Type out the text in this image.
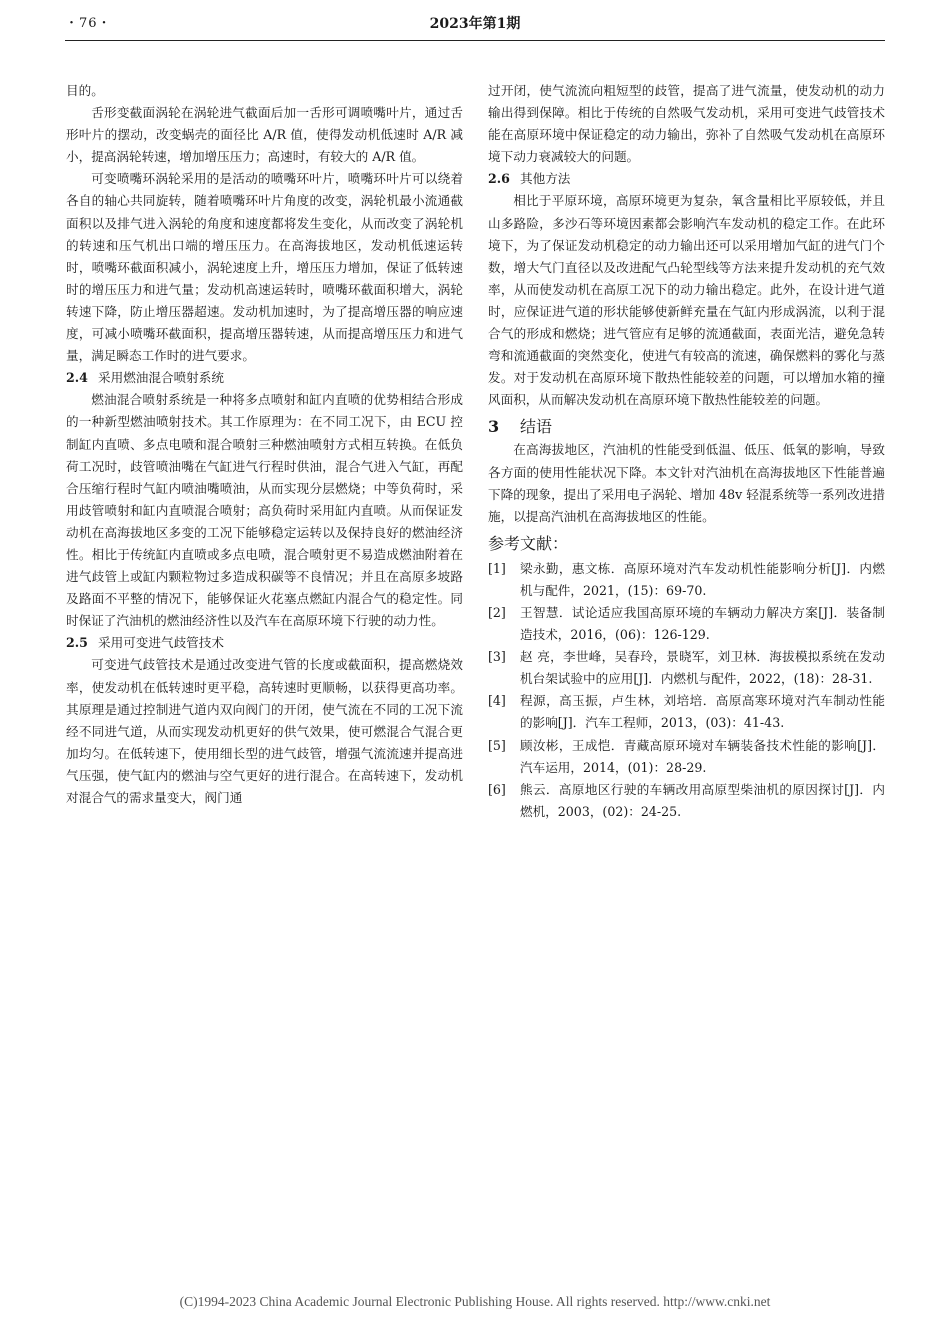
・76・	2023年第1期

目的。

舌形变截面涡轮在涡轮进气截面后加一舌形可调喷嘴叶片，通过舌形叶片的摆动，改变蜗壳的面径比 A/R 值，使得发动机低速时 A/R 减小，提高涡轮转速，增加增压压力；高速时，有较大的 A/R 值。

可变喷嘴环涡轮采用的是活动的喷嘴环叶片，喷嘴环叶片可以绕着各自的轴心共同旋转，随着喷嘴环叶片角度的改变，涡轮机最小流通截面积以及排气进入涡轮的角度和速度都将发生变化，从而改变了涡轮机的转速和压气机出口端的增压压力。在高海拔地区，发动机低速运转时，喷嘴环截面积减小，涡轮速度上升，增压压力增加，保证了低转速时的增压压力和进气量；发动机高速运转时，喷嘴环截面积增大，涡轮转速下降，防止增压器超速。发动机加速时，为了提高增压器的响应速度，可减小喷嘴环截面积，提高增压器转速，从而提高增压压力和进气量，满足瞬态工作时的进气要求。

2.4 采用燃油混合喷射系统

燃油混合喷射系统是一种将多点喷射和缸内直喷的优势相结合形成的一种新型燃油喷射技术。其工作原理为：在不同工况下，由 ECU 控制缸内直喷、多点电喷和混合喷射三种燃油喷射方式相互转换。在低负荷工况时，歧管喷油嘴在气缸进气行程时供油，混合气进入气缸，再配合压缩行程时气缸内喷油嘴喷油，从而实现分层燃烧；中等负荷时，采用歧管喷射和缸内直喷混合喷射；高负荷时采用缸内直喷。从而保证发动机在高海拔地区多变的工况下能够稳定运转以及保持良好的燃油经济性。相比于传统缸内直喷或多点电喷，混合喷射更不易造成燃油附着在进气歧管上或缸内颗粒物过多造成积碳等不良情况；并且在高原多坡路及路面不平整的情况下，能够保证火花塞点燃缸内混合气的稳定性。同时保证了汽油机的燃油经济性以及汽车在高原环境下行驶的动力性。

2.5 采用可变进气歧管技术

可变进气歧管技术是通过改变进气管的长度或截面积，提高燃烧效率，使发动机在低转速时更平稳，高转速时更顺畅，以获得更高功率。其原理是通过控制进气道内双向阀门的开闭，使气流在不同的工况下流经不同进气道，从而实现发动机更好的供气效果，使可燃混合气混合更加均匀。在低转速下，使用细长型的进气歧管，增强气流流速并提高进气压强，使气缸内的燃油与空气更好的进行混合。在高转速下，发动机对混合气的需求量变大，阀门通

过开闭，使气流流向粗短型的歧管，提高了进气流量，使发动机的动力输出得到保障。相比于传统的自然吸气发动机，采用可变进气歧管技术能在高原环境中保证稳定的动力输出，弥补了自然吸气发动机在高原环境下动力衰减较大的问题。

2.6 其他方法

相比于平原环境，高原环境更为复杂，氧含量相比平原较低，并且山多路险，多沙石等环境因素都会影响汽车发动机的稳定工作。在此环境下，为了保证发动机稳定的动力输出还可以采用增加气缸的进气门个数，增大气门直径以及改进配气凸轮型线等方法来提升发动机的充气效率，从而使发动机在高原工况下的动力输出稳定。此外，在设计进气道时，应保证进气道的形状能够使新鲜充量在气缸内形成涡流，以利于混合气的形成和燃烧；进气管应有足够的流通截面，表面光洁，避免急转弯和流通截面的突然变化，使进气有较高的流速，确保燃料的雾化与蒸发。对于发动机在高原环境下散热性能较差的问题，可以增加水箱的撞风面积，从而解决发动机在高原环境下散热性能较差的问题。

3 结语

在高海拔地区，汽油机的性能受到低温、低压、低氧的影响，导致各方面的使用性能状况下降。本文针对汽油机在高海拔地区下性能普遍下降的现象，提出了采用电子涡轮、增加 48v 轻混系统等一系列改进措施，以提高汽油机在高海拔地区的性能。

参考文献：
[1] 梁永勤，惠文栋．高原环境对汽车发动机性能影响分析[J]．内燃机与配件，2021，(15)：69-70.
[2] 王智慧．试论适应我国高原环境的车辆动力解决方案[J]．装备制造技术，2016，(06)：126-129.
[3] 赵 亮，李世峰，吴春玲，景晓军，刘卫林．海拔模拟系统在发动机台架试验中的应用[J]．内燃机与配件，2022，(18)：28-31.
[4] 程源，高玉振，卢生林，刘培培．高原高寒环境对汽车制动性能的影响[J]．汽车工程师，2013，(03)：41-43.
[5] 顾汝彬，王成恺．青藏高原环境对车辆装备技术性能的影响[J]．汽车运用，2014，(01)：28-29.
[6] 熊云．高原地区行驶的车辆改用高原型柴油机的原因探讨[J]．内燃机，2003，(02)：24-25.
(C)1994-2023 China Academic Journal Electronic Publishing House. All rights reserved. http://www.cnki.net
